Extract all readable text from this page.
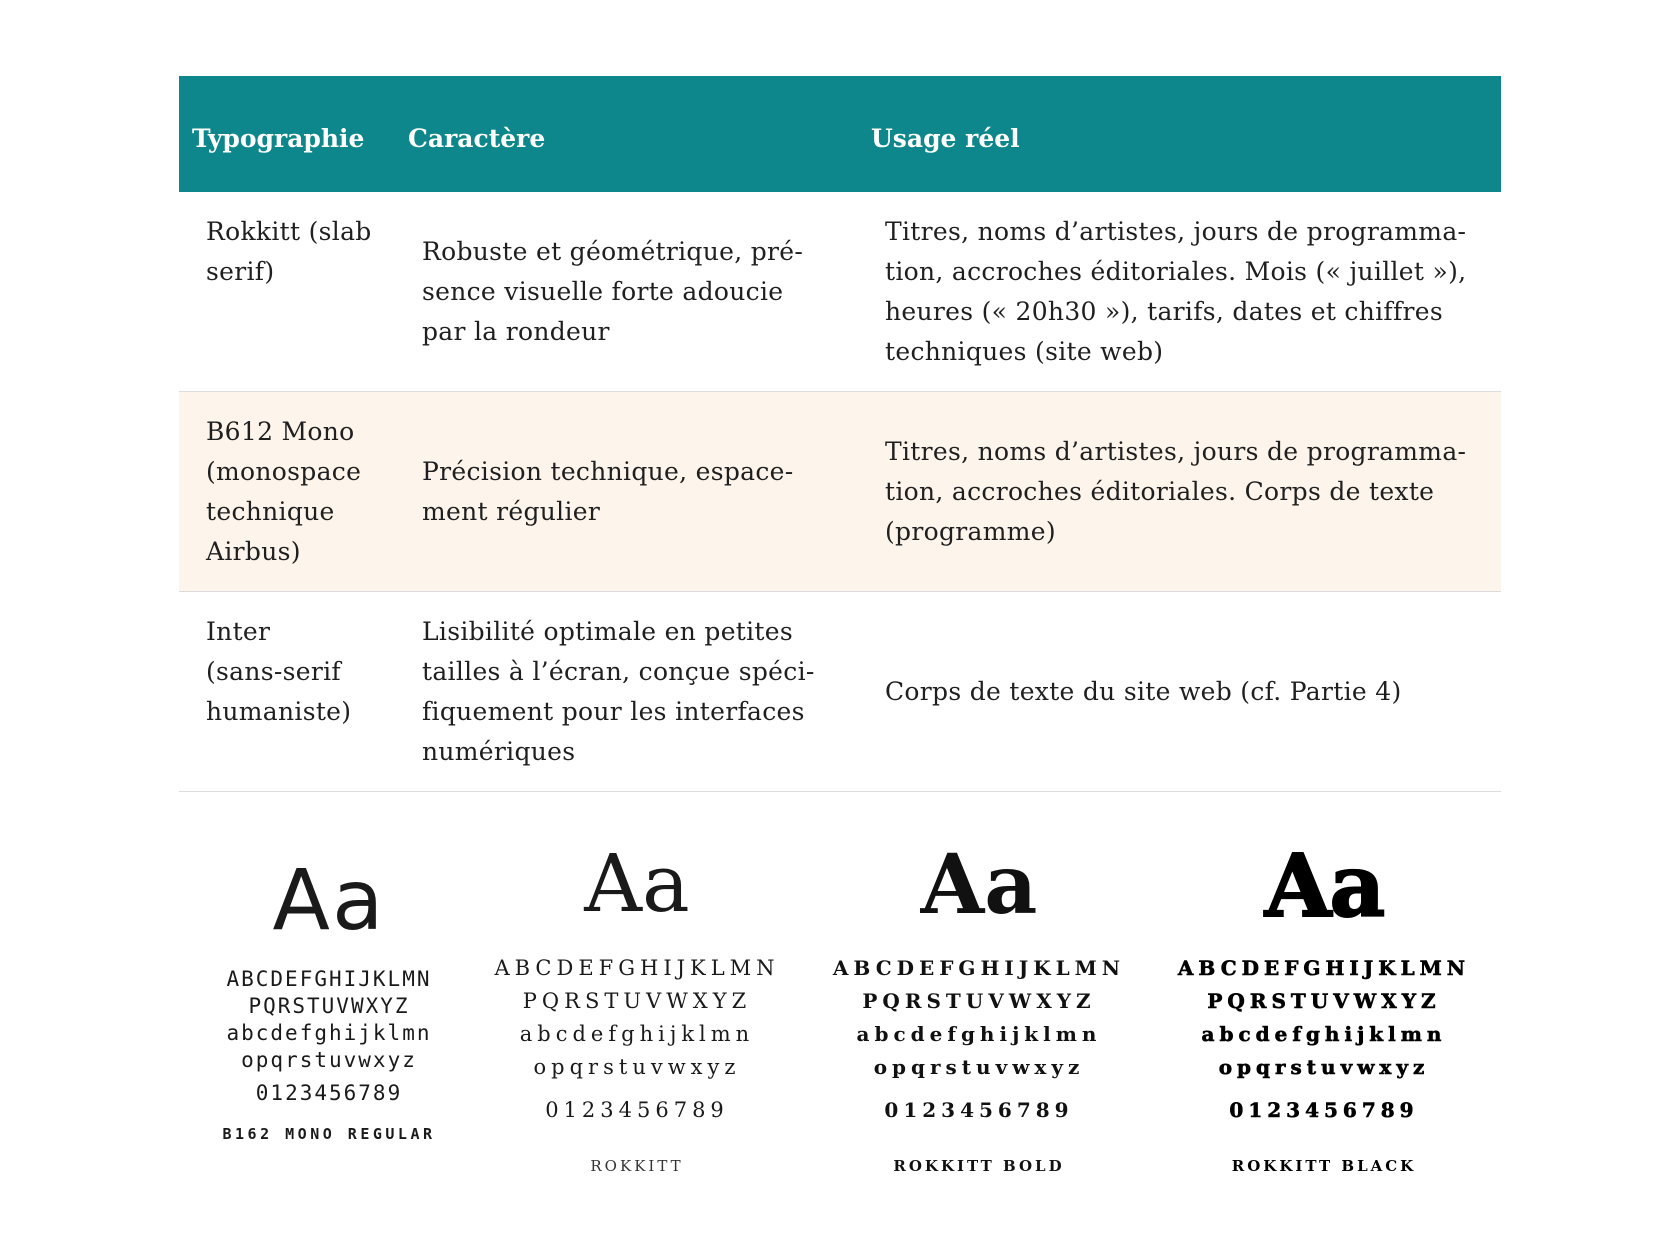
Typographie Caractère	Usage réel
Rokkitt (slab
serif)
Robuste et géométrique, pré-
sence visuelle forte adoucie
par la rondeur
Titres, noms d’artistes, jours de programma-
tion, accroches éditoriales. Mois (« juillet »),
heures (« 20h30 »), tarifs, dates et chiffres
techniques (site web)
B612 Mono
(monospace
technique
Airbus)
Précision technique, espace-
ment régulier
Titres, noms d’artistes, jours de programma-
tion, accroches éditoriales. Corps de texte
(programme)
Inter
(sans-serif
humaniste)
Lisibilité optimale en petites
tailles à l’écran, conçue spéci-
fiquement pour les interfaces
numériques
Corps de texte du site web (cf. Partie 4)
Aa
ABCDEFGHIJKLMN
PQRSTUVWXYZ
abcdefghijklmn
opqrstuvwxyz
0123456789
B162 MONO REGULAR
Aa
ABCDEFGHIJKLMN
PQRSTUVWXYZ
abcdefghijklmn
opqrstuvwxyz
0123456789
ROKKITT
Aa
ABCDEFGHIJKLMN
PQRSTUVWXYZ
abcdefghijklmn
opqrstuvwxyz
0123456789
ROKKITT BOLD
Aa
ABCDEFGHIJKLMN
PQRSTUVWXYZ
abcdefghijklmn
opqrstuvwxyz
0123456789
ROKKITT BLACK
